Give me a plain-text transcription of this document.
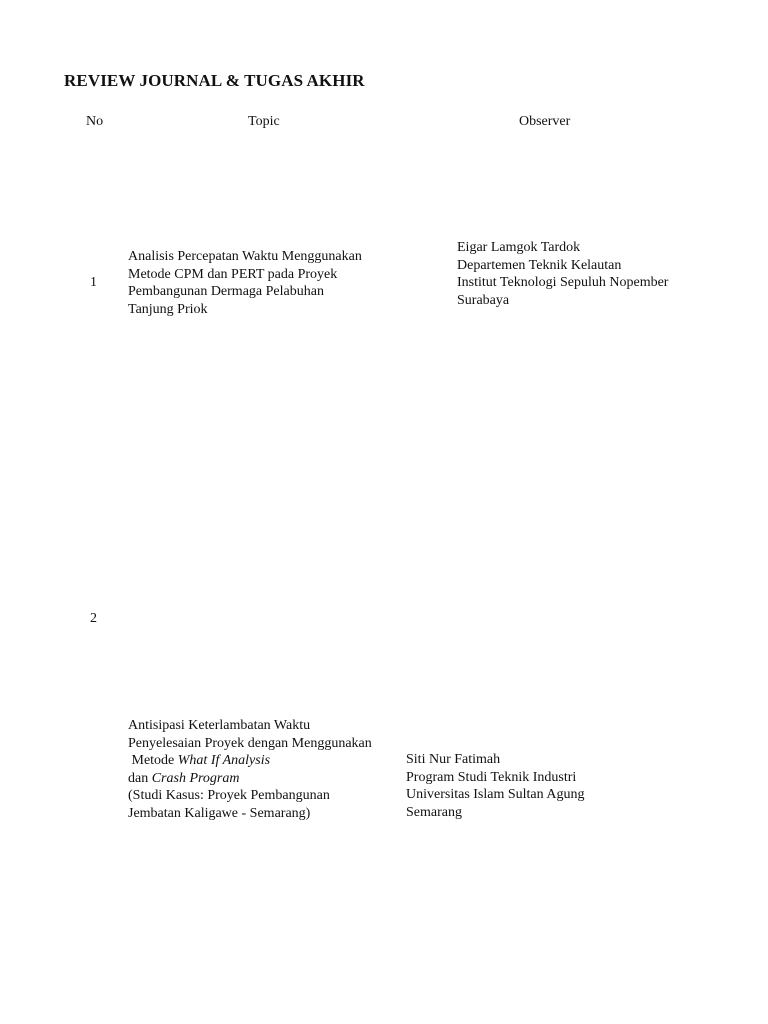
REVIEW JOURNAL & TUGAS AKHIR
No	Topic	Observer
1
Analisis Percepatan Waktu Menggunakan
Metode CPM dan PERT pada Proyek
Pembangunan Dermaga Pelabuhan
Tanjung Priok
Eigar Lamgok Tardok
Departemen Teknik Kelautan
Institut Teknologi Sepuluh Nopember
Surabaya
2
Antisipasi Keterlambatan Waktu
Penyelesaian Proyek dengan Menggunakan
Metode What If Analysis
dan Crash Program
(Studi Kasus: Proyek Pembangunan
Jembatan Kaligawe - Semarang)
Siti Nur Fatimah
Program Studi Teknik Industri
Universitas Islam Sultan Agung
Semarang
